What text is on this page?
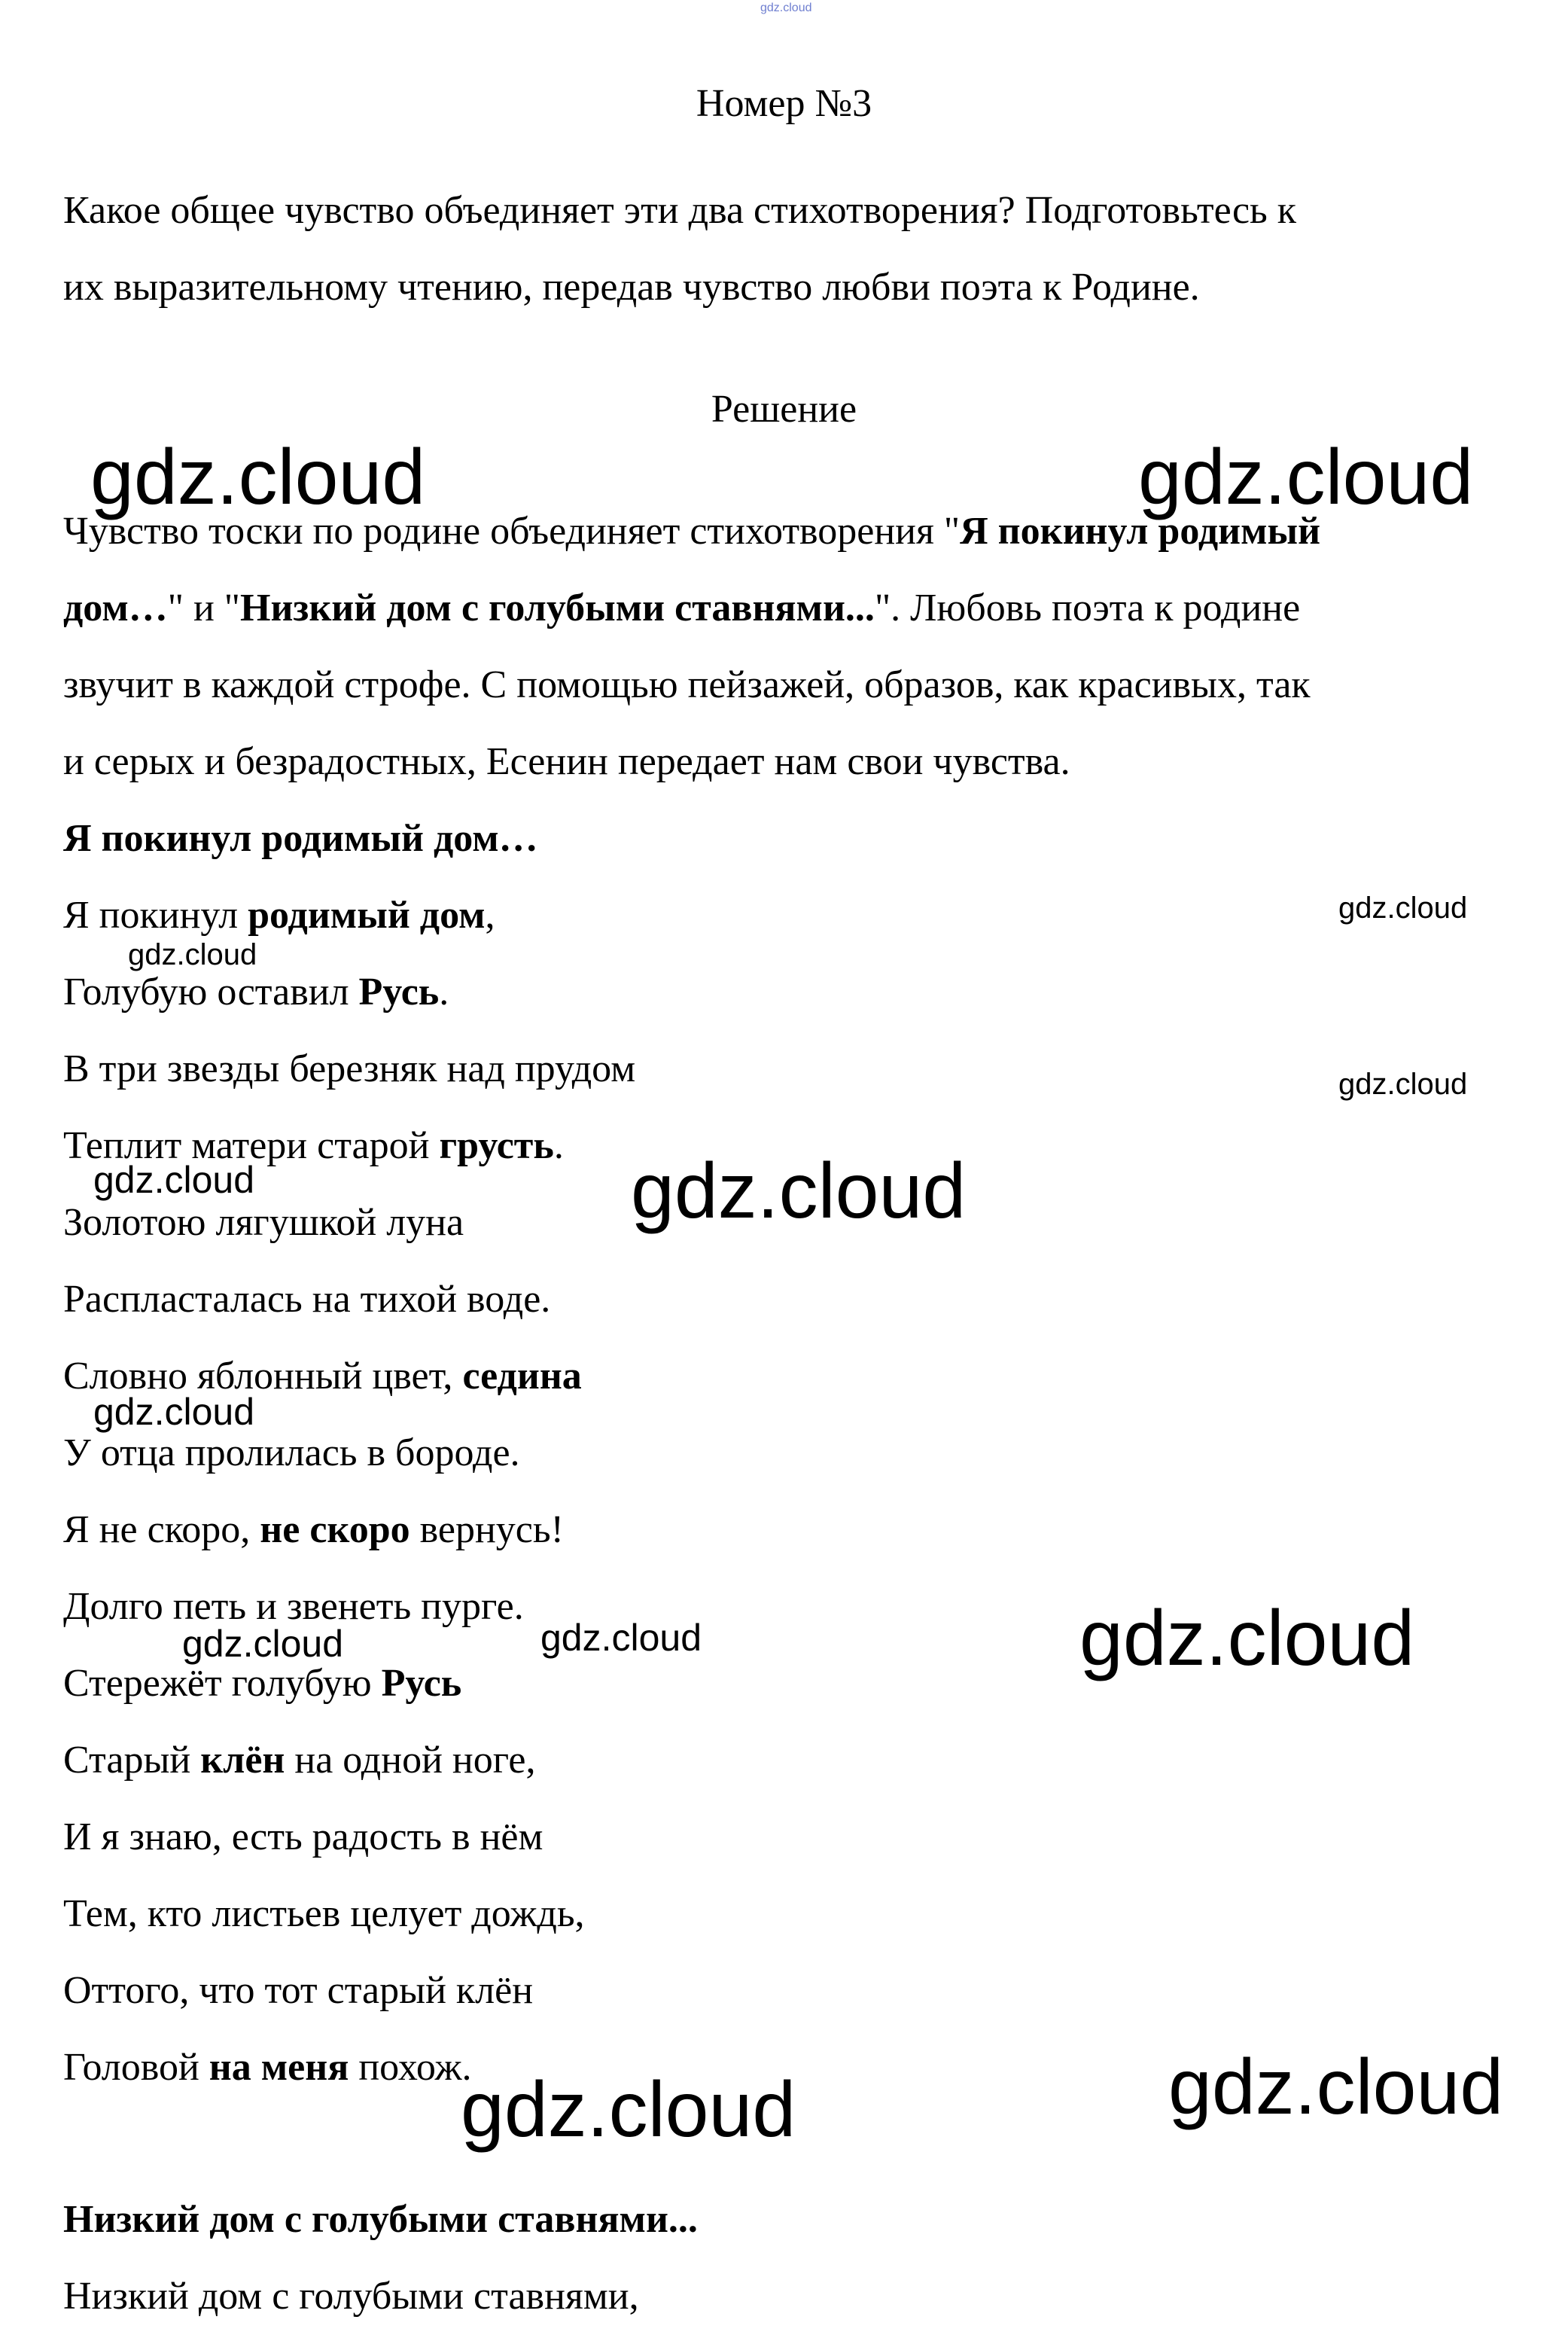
gdz.cloud
Номер №3
Какое общее чувство объединяет эти два стихотворения? Подготовьтесь к
их выразительному чтению, передав чувство любви поэта к Родине.
Решение
Чувство тоски по родине объединяет стихотворения "Я покинул родимый
дом…" и "Низкий дом с голубыми ставнями...". Любовь поэта к родине
звучит в каждой строфе. С помощью пейзажей, образов, как красивых, так
и серых и безрадостных, Есенин передает нам свои чувства.
Я покинул родимый дом…
Я покинул родимый дом,
Голубую оставил Русь.
В три звезды березняк над прудом
Теплит матери старой грусть.
Золотою лягушкой луна
Распласталась на тихой воде.
Словно яблонный цвет, седина
У отца пролилась в бороде.
Я не скоро, не скоро вернусь!
Долго петь и звенеть пурге.
Стережёт голубую Русь
Старый клён на одной ноге,
И я знаю, есть радость в нём
Тем, кто листьев целует дождь,
Оттого, что тот старый клён
Головой на меня похож.
Низкий дом с голубыми ставнями...
Низкий дом с голубыми ставнями,
gdz.cloud	gdz.cloud
gdz.cloud
gdz.cloud
gdz.cloud
gdz.cloud	gdz.cloud
gdz.cloud
gdz.cloud
gdz.cloud	gdz.cloud
gdz.cloud
gdz.cloud
